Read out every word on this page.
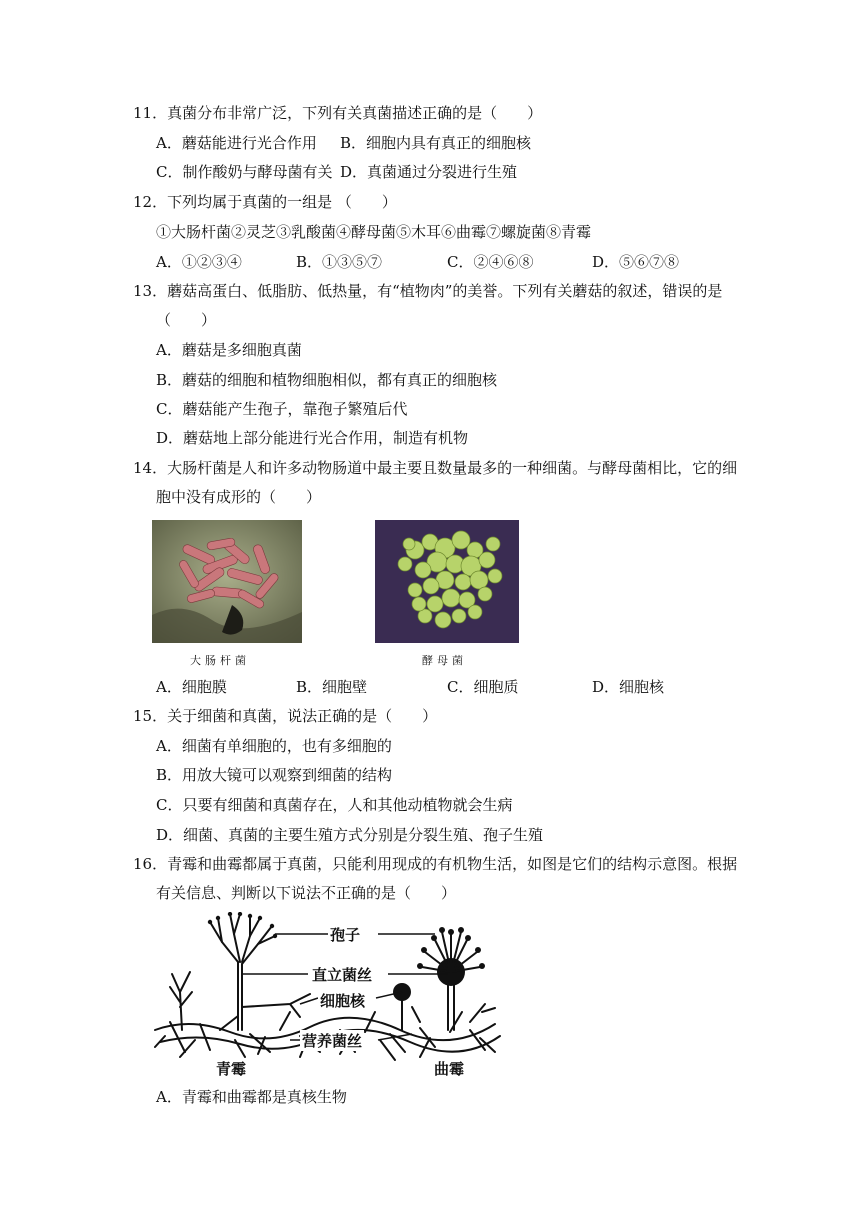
11．真菌分布非常广泛，下列有关真菌描述正确的是（　　）
A．蘑菇能进行光合作用 B．细胞内具有真正的细胞核
C．制作酸奶与酵母菌有关 D．真菌通过分裂进行生殖
12．下列均属于真菌的一组是 （　　）
①大肠杆菌②灵芝③乳酸菌④酵母菌⑤木耳⑥曲霉⑦螺旋菌⑧青霉
A．①②③④	B．①③⑤⑦	C．②④⑥⑧	D．⑤⑥⑦⑧
13．蘑菇高蛋白、低脂肪、低热量，有“植物肉”的美誉。下列有关蘑菇的叙述，错误的是
（　　）
A．蘑菇是多细胞真菌
B．蘑菇的细胞和植物细胞相似，都有真正的细胞核
C．蘑菇能产生孢子，靠孢子繁殖后代
D．蘑菇地上部分能进行光合作用，制造有机物
14．大肠杆菌是人和许多动物肠道中最主要且数量最多的一种细菌。与酵母菌相比，它的细
胞中没有成形的（　　）
大肠杆菌	酵母菌
A．细胞膜	B．细胞壁	C．细胞质	D．细胞核
15．关于细菌和真菌，说法正确的是（　　）
A．细菌有单细胞的，也有多细胞的
B．用放大镜可以观察到细菌的结构
C．只要有细菌和真菌存在，人和其他动植物就会生病
D．细菌、真菌的主要生殖方式分别是分裂生殖、孢子生殖
16．青霉和曲霉都属于真菌，只能利用现成的有机物生活，如图是它们的结构示意图。根据
有关信息、判断以下说法不正确的是（　　）
孢子
直立菌丝
细胞核
营养菌丝
青霉	曲霉
A．青霉和曲霉都是真核生物
